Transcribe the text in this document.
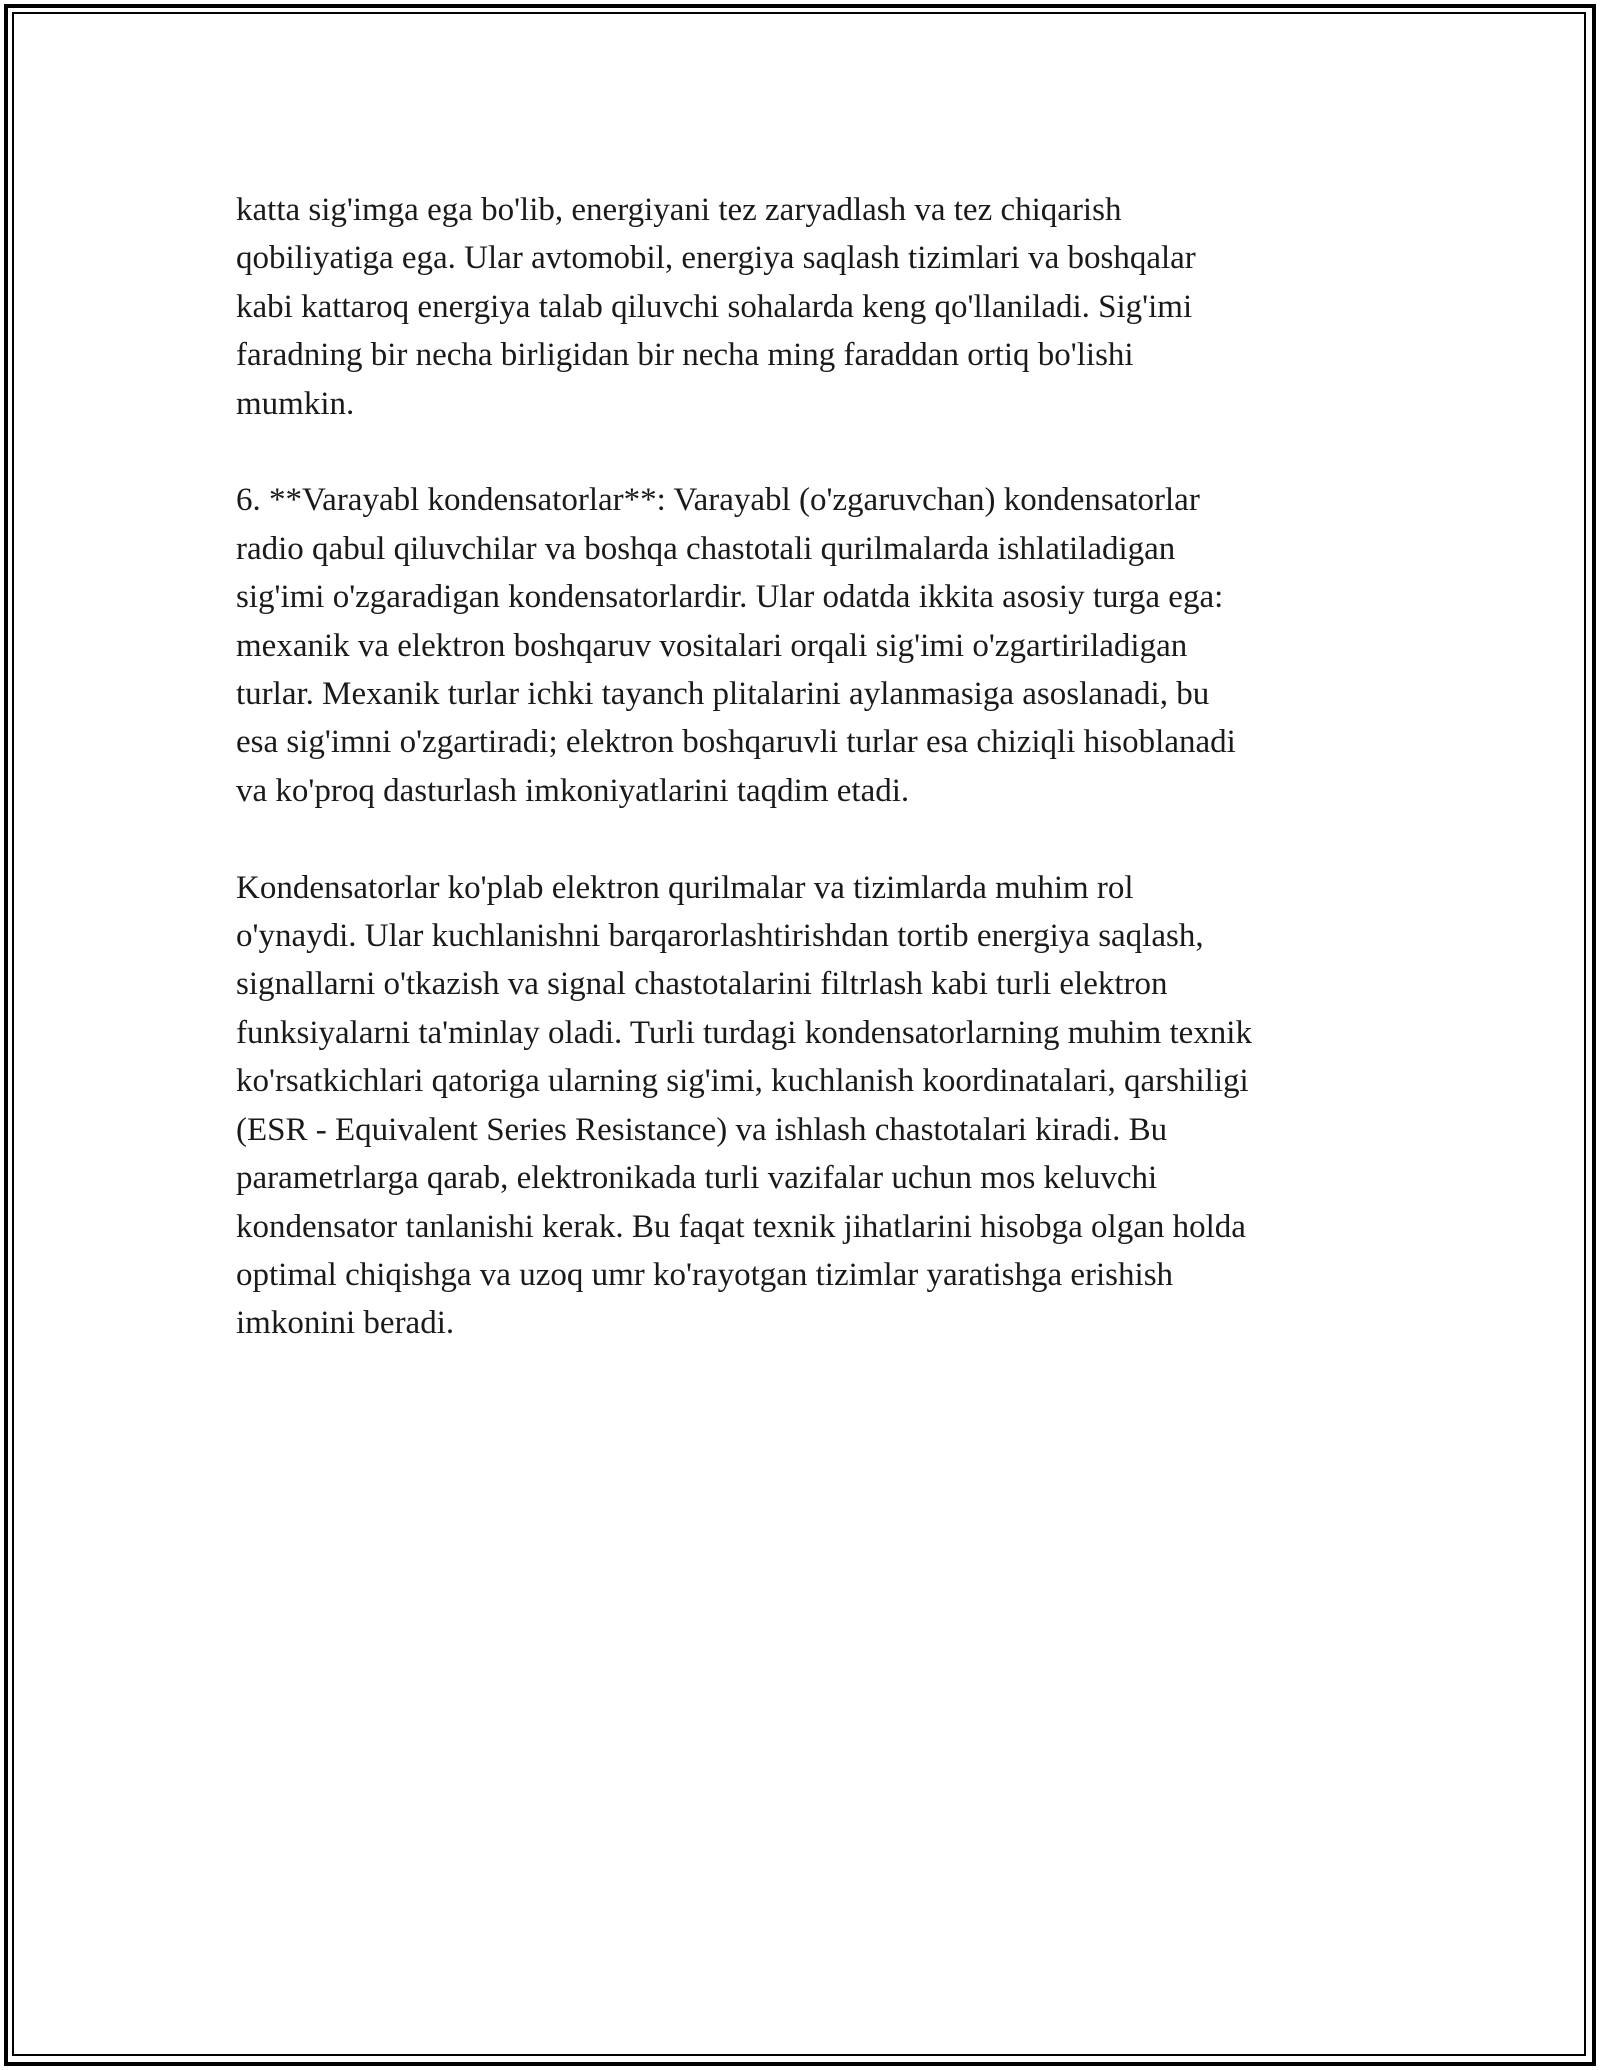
katta sig'imga ega bo'lib, energiyani tez zaryadlash va tez chiqarish
qobiliyatiga ega. Ular avtomobil, energiya saqlash tizimlari va boshqalar
kabi kattaroq energiya talab qiluvchi sohalarda keng qo'llaniladi. Sig'imi
faradning bir necha birligidan bir necha ming faraddan ortiq bo'lishi
mumkin.

6. **Varayabl kondensatorlar**: Varayabl (o'zgaruvchan) kondensatorlar
radio qabul qiluvchilar va boshqa chastotali qurilmalarda ishlatiladigan
sig'imi o'zgaradigan kondensatorlardir. Ular odatda ikkita asosiy turga ega:
mexanik va elektron boshqaruv vositalari orqali sig'imi o'zgartiriladigan
turlar. Mexanik turlar ichki tayanch plitalarini aylanmasiga asoslanadi, bu
esa sig'imni o'zgartiradi; elektron boshqaruvli turlar esa chiziqli hisoblanadi
va ko'proq dasturlash imkoniyatlarini taqdim etadi.

Kondensatorlar ko'plab elektron qurilmalar va tizimlarda muhim rol
o'ynaydi. Ular kuchlanishni barqarorlashtirishdan tortib energiya saqlash,
signallarni o'tkazish va signal chastotalarini filtrlash kabi turli elektron
funksiyalarni ta'minlay oladi. Turli turdagi kondensatorlarning muhim texnik
ko'rsatkichlari qatoriga ularning sig'imi, kuchlanish koordinatalari, qarshiligi
(ESR - Equivalent Series Resistance) va ishlash chastotalari kiradi. Bu
parametrlarga qarab, elektronikada turli vazifalar uchun mos keluvchi
kondensator tanlanishi kerak. Bu faqat texnik jihatlarini hisobga olgan holda
optimal chiqishga va uzoq umr ko'rayotgan tizimlar yaratishga erishish
imkonini beradi.
